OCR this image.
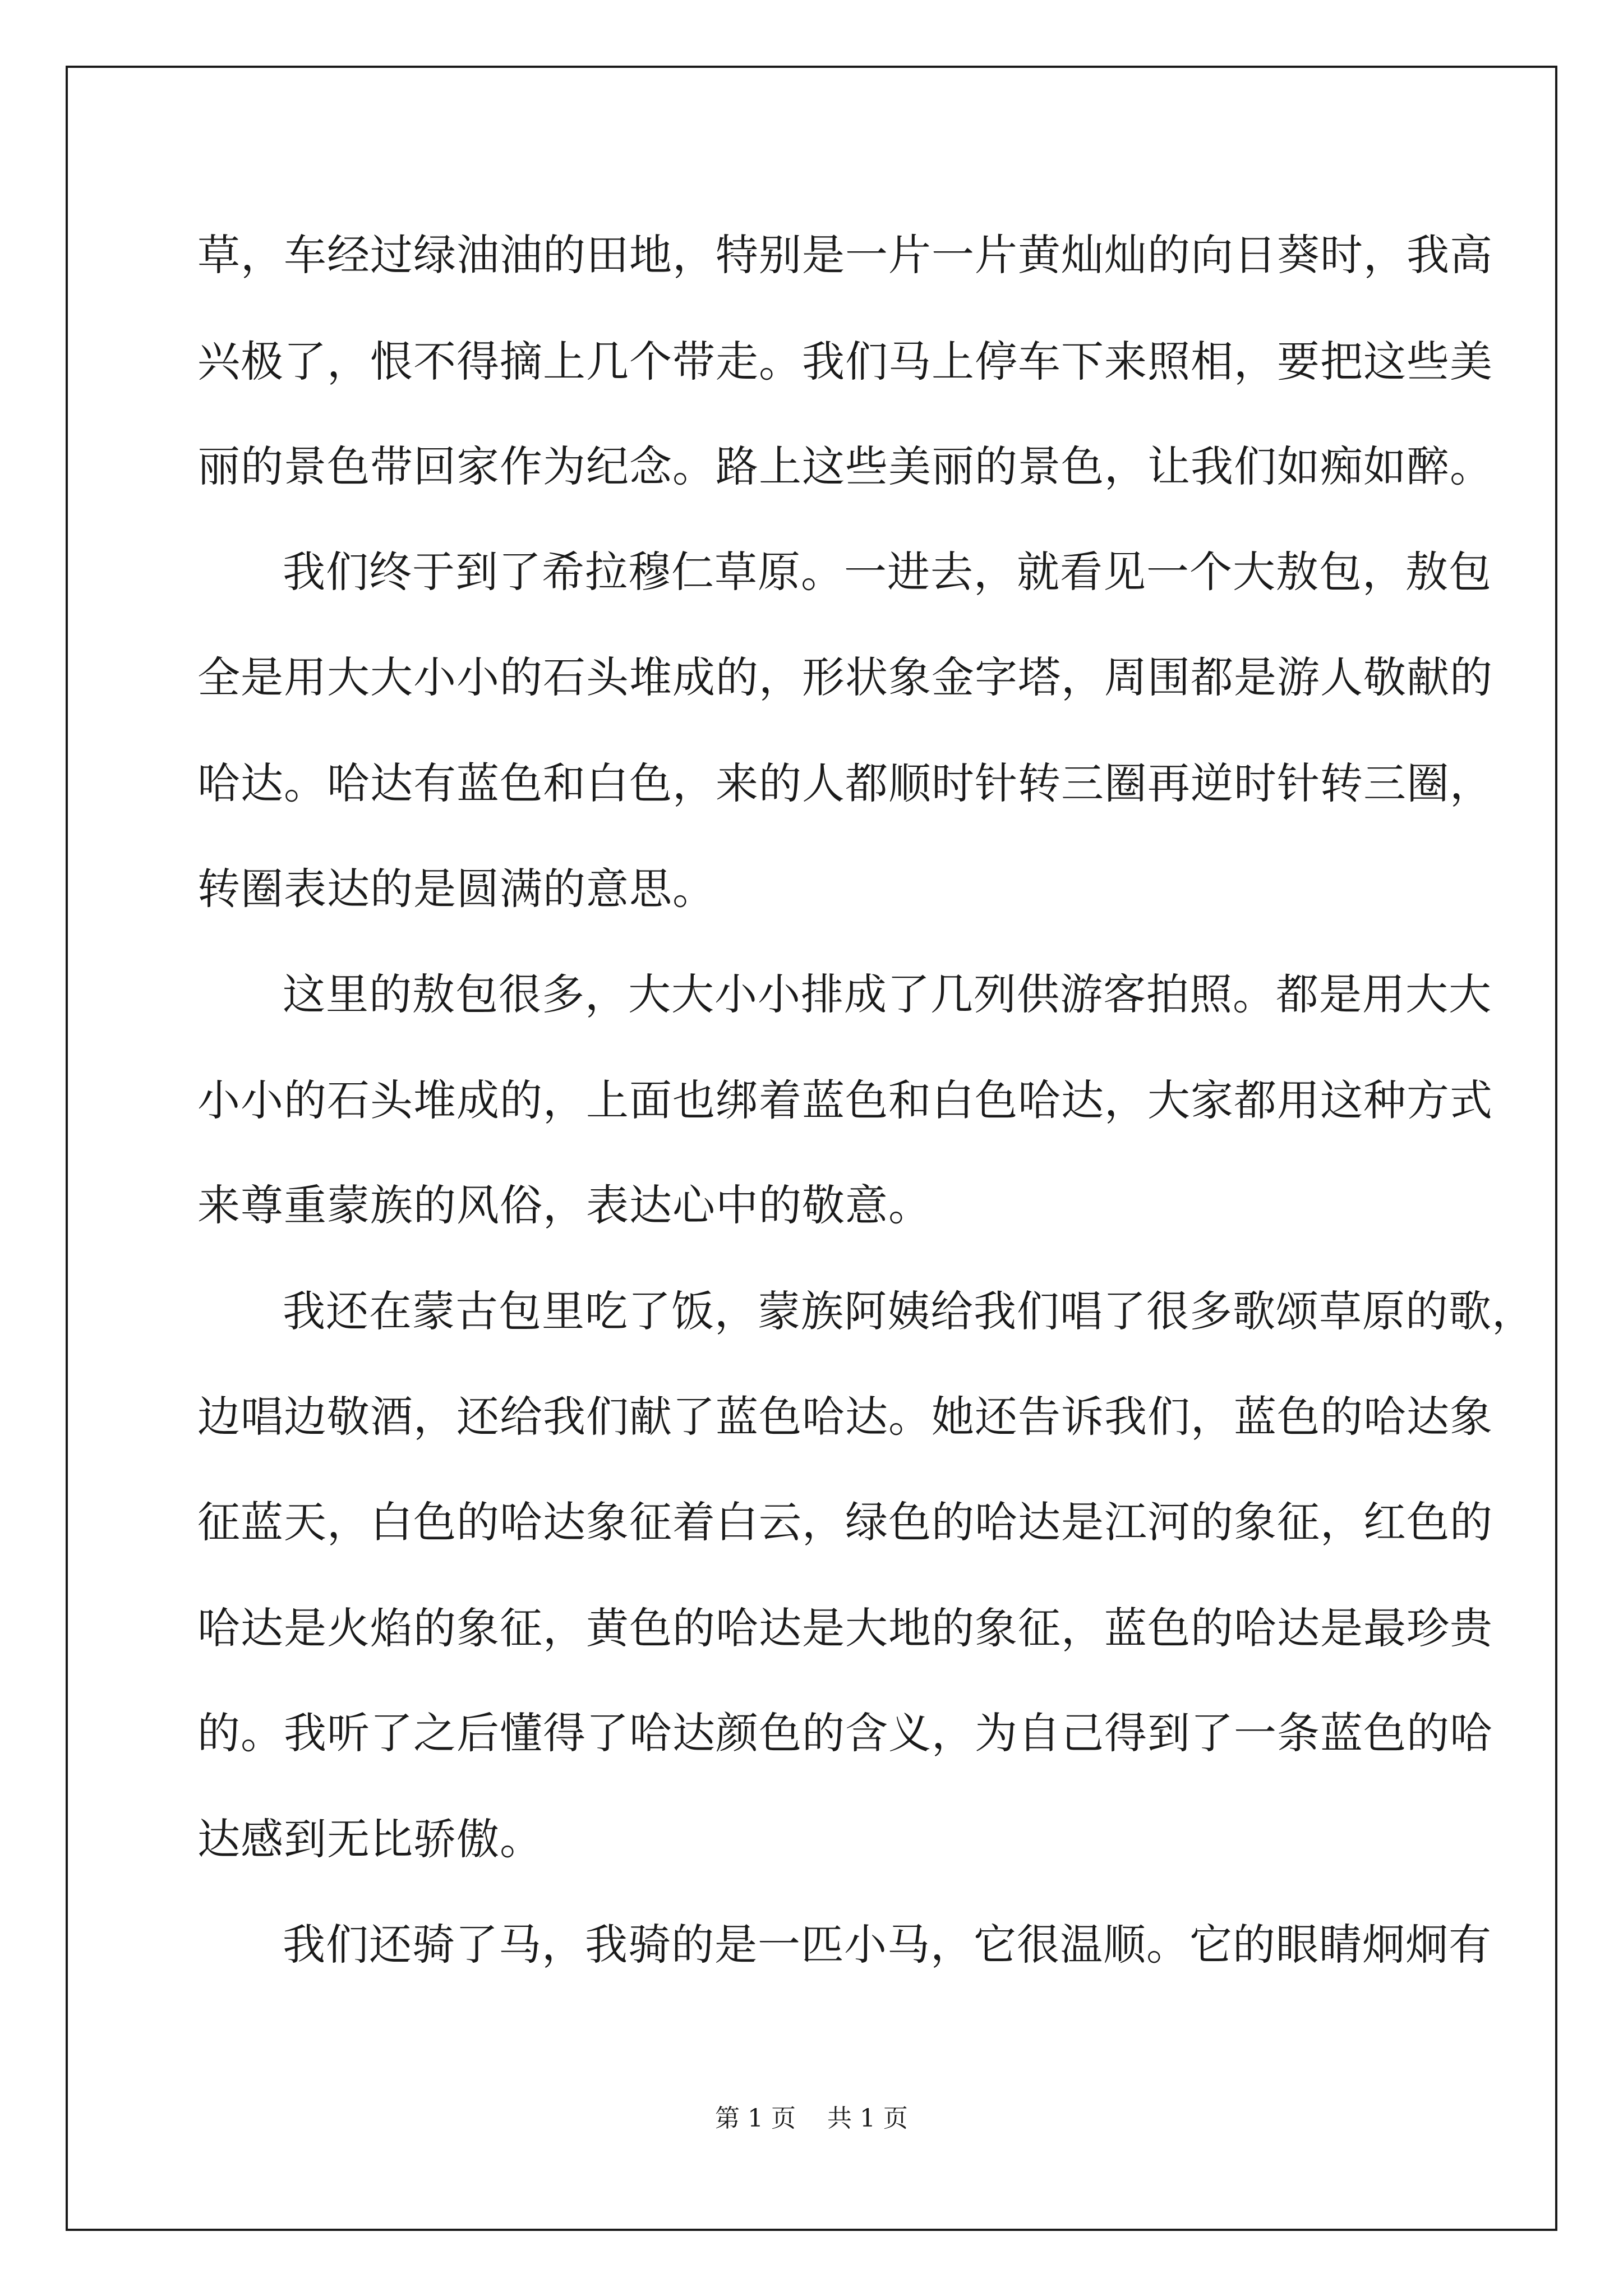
草，车经过绿油油的田地，特别是一片一片黄灿灿的向日葵时，我高
兴极了，恨不得摘上几个带走。我们马上停车下来照相，要把这些美
丽的景色带回家作为纪念。路上这些美丽的景色，让我们如痴如醉。
我们终于到了希拉穆仁草原。一进去，就看见一个大敖包，敖包
全是用大大小小的石头堆成的，形状象金字塔，周围都是游人敬献的
哈达。哈达有蓝色和白色，来的人都顺时针转三圈再逆时针转三圈，
转圈表达的是圆满的意思。
这里的敖包很多，大大小小排成了几列供游客拍照。都是用大大
小小的石头堆成的，上面也绑着蓝色和白色哈达，大家都用这种方式
来尊重蒙族的风俗，表达心中的敬意。
我还在蒙古包里吃了饭，蒙族阿姨给我们唱了很多歌颂草原的歌，
边唱边敬酒，还给我们献了蓝色哈达。她还告诉我们，蓝色的哈达象
征蓝天，白色的哈达象征着白云，绿色的哈达是江河的象征，红色的
哈达是火焰的象征，黄色的哈达是大地的象征，蓝色的哈达是最珍贵
的。我听了之后懂得了哈达颜色的含义，为自己得到了一条蓝色的哈
达感到无比骄傲。
我们还骑了马，我骑的是一匹小马，它很温顺。它的眼睛炯炯有
第 1 页    共 1 页
